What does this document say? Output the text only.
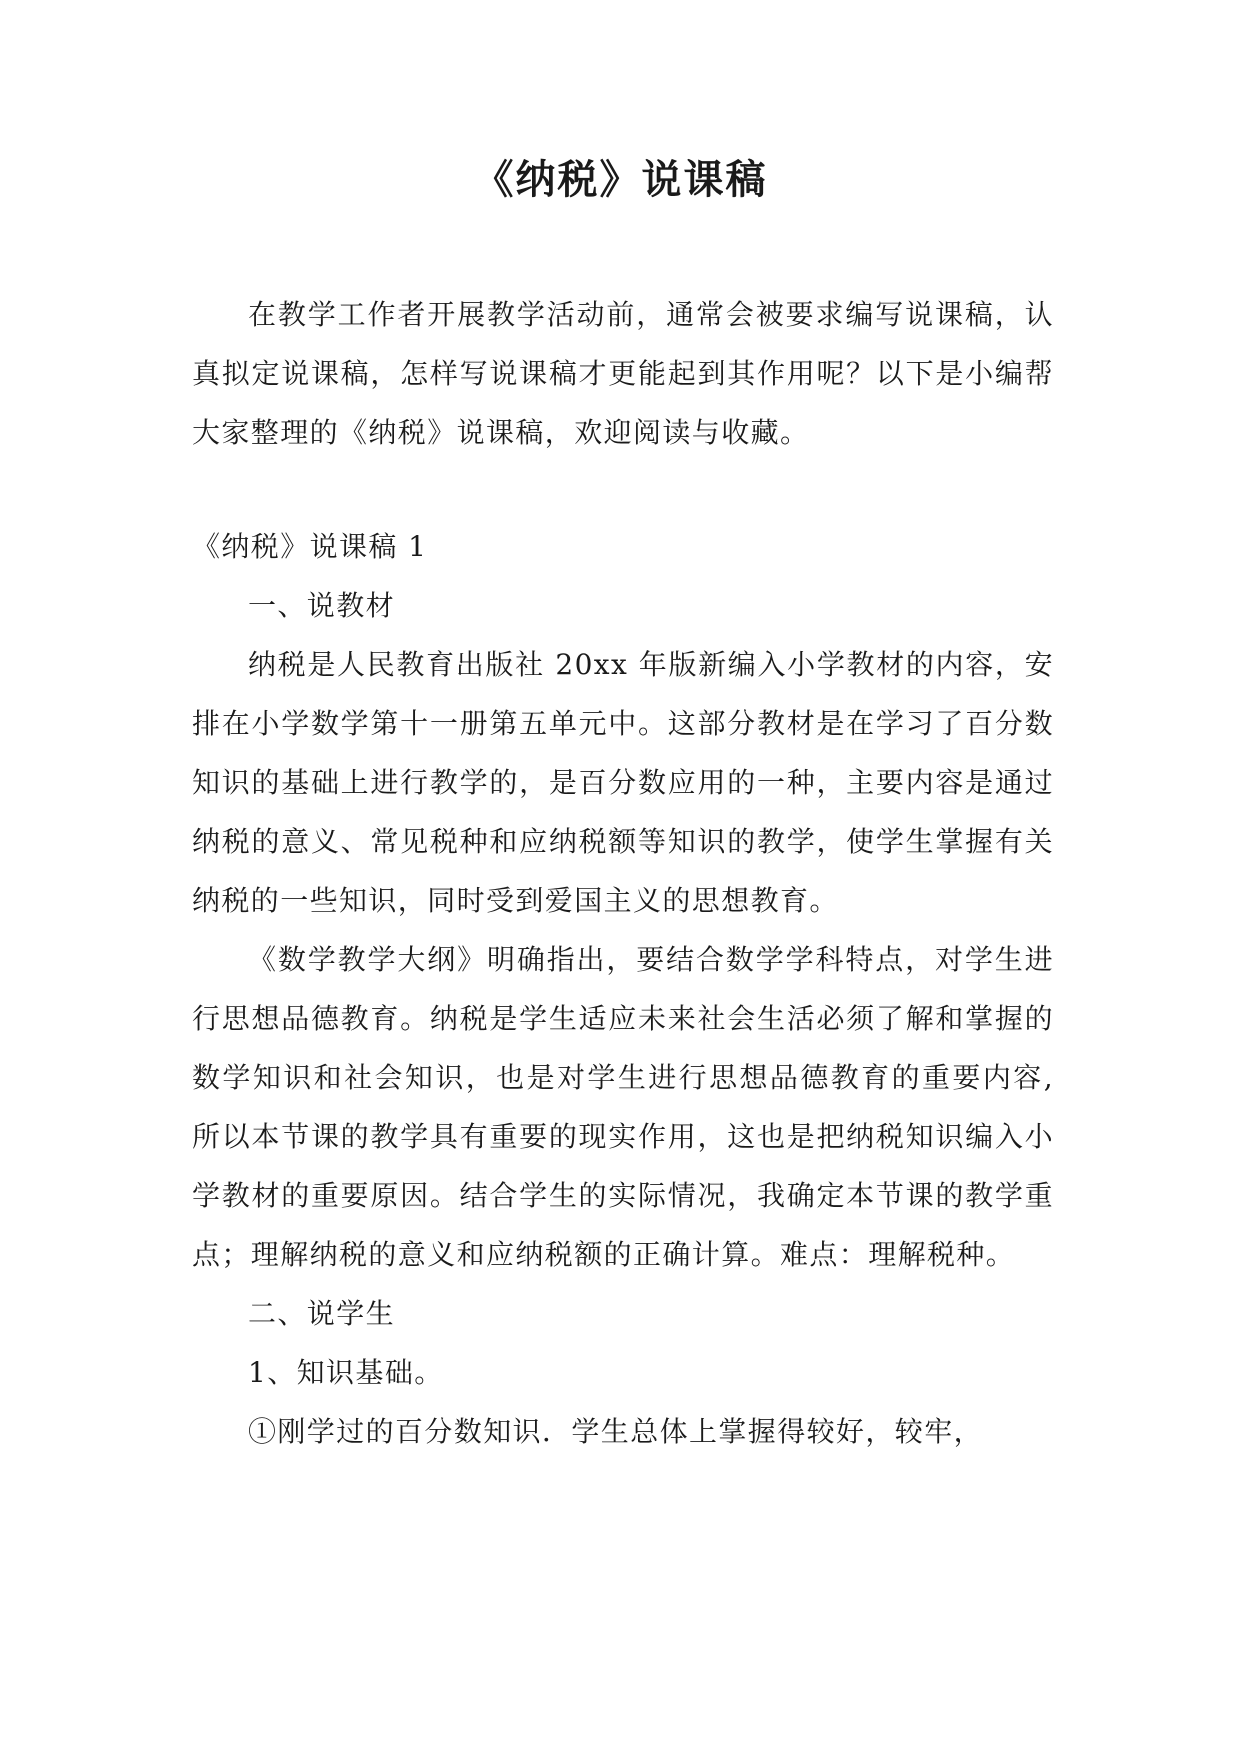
《纳税》说课稿

在教学工作者开展教学活动前，通常会被要求编写说课稿，认真拟定说课稿，怎样写说课稿才更能起到其作用呢？以下是小编帮大家整理的《纳税》说课稿，欢迎阅读与收藏。

《纳税》说课稿 1

一、说教材

纳税是人民教育出版社 20xx 年版新编入小学教材的内容，安排在小学数学第十一册第五单元中。这部分教材是在学习了百分数知识的基础上进行教学的，是百分数应用的一种，主要内容是通过纳税的意义、常见税种和应纳税额等知识的教学，使学生掌握有关纳税的一些知识，同时受到爱国主义的思想教育。

《数学教学大纲》明确指出，要结合数学学科特点，对学生进行思想品德教育。纳税是学生适应未来社会生活必须了解和掌握的数学知识和社会知识，也是对学生进行思想品德教育的重要内容,所以本节课的教学具有重要的现实作用，这也是把纳税知识编入小学教材的重要原因。结合学生的实际情况，我确定本节课的教学重点；理解纳税的意义和应纳税额的正确计算。难点：理解税种。

二、说学生

1、知识基础。

①刚学过的百分数知识．学生总体上掌握得较好，较牢，
